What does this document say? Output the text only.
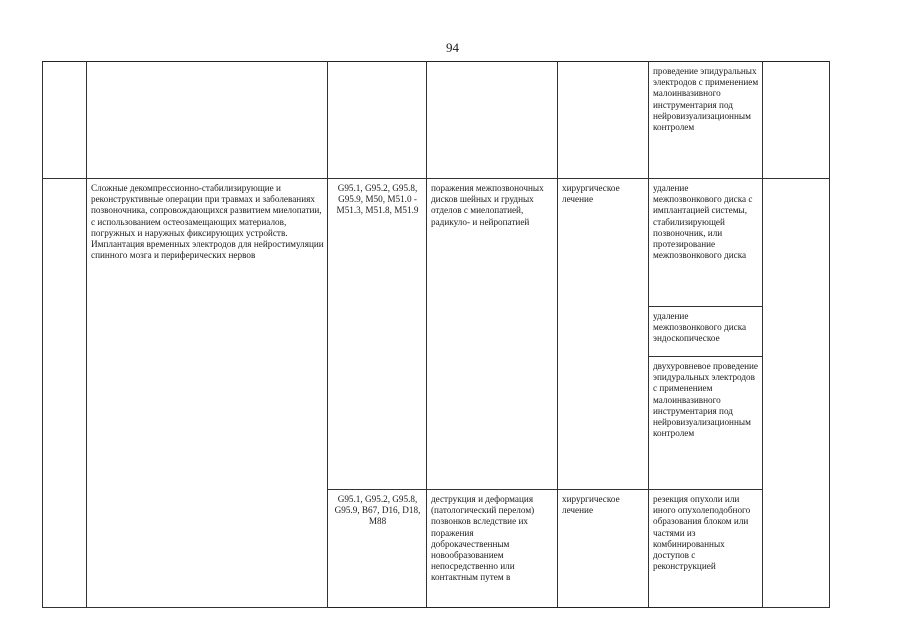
94
					проведение эпидуральных электродов с применением малоинвазивного инструментария под нейровизуализационным контролем	
	Сложные декомпрессионно-стабилизирующие и реконструктивные операции при травмах и заболеваниях позвоночника, сопровождающихся развитием миелопатии, с использованием остеозамещающих материалов, погружных и наружных фиксирующих устройств. Имплантация временных электродов для нейростимуляции спинного мозга и периферических нервов	G95.1, G95.2, G95.8, G95.9, M50, M51.0 - M51.3, M51.8, M51.9	поражения межпозвоночных дисков шейных и грудных отделов с миелопатией, радикуло- и нейропатией	хирургическое лечение	удаление межпозвонкового диска с имплантацией системы, стабилизирующей позвоночник, или протезирование межпозвонкового диска	
					удаление межпозвонкового диска эндоскопическое	
					двухуровневое проведение эпидуральных электродов с применением малоинвазивного инструментария под нейровизуализационным контролем	
		G95.1, G95.2, G95.8, G95.9, B67, D16, D18, M88	деструкция и деформация (патологический перелом) позвонков вследствие их поражения доброкачественным новообразованием непосредственно или контактным путем в	хирургическое лечение	резекция опухоли или иного опухолеподобного образования блоком или частями из комбинированных доступов с реконструкцией	
